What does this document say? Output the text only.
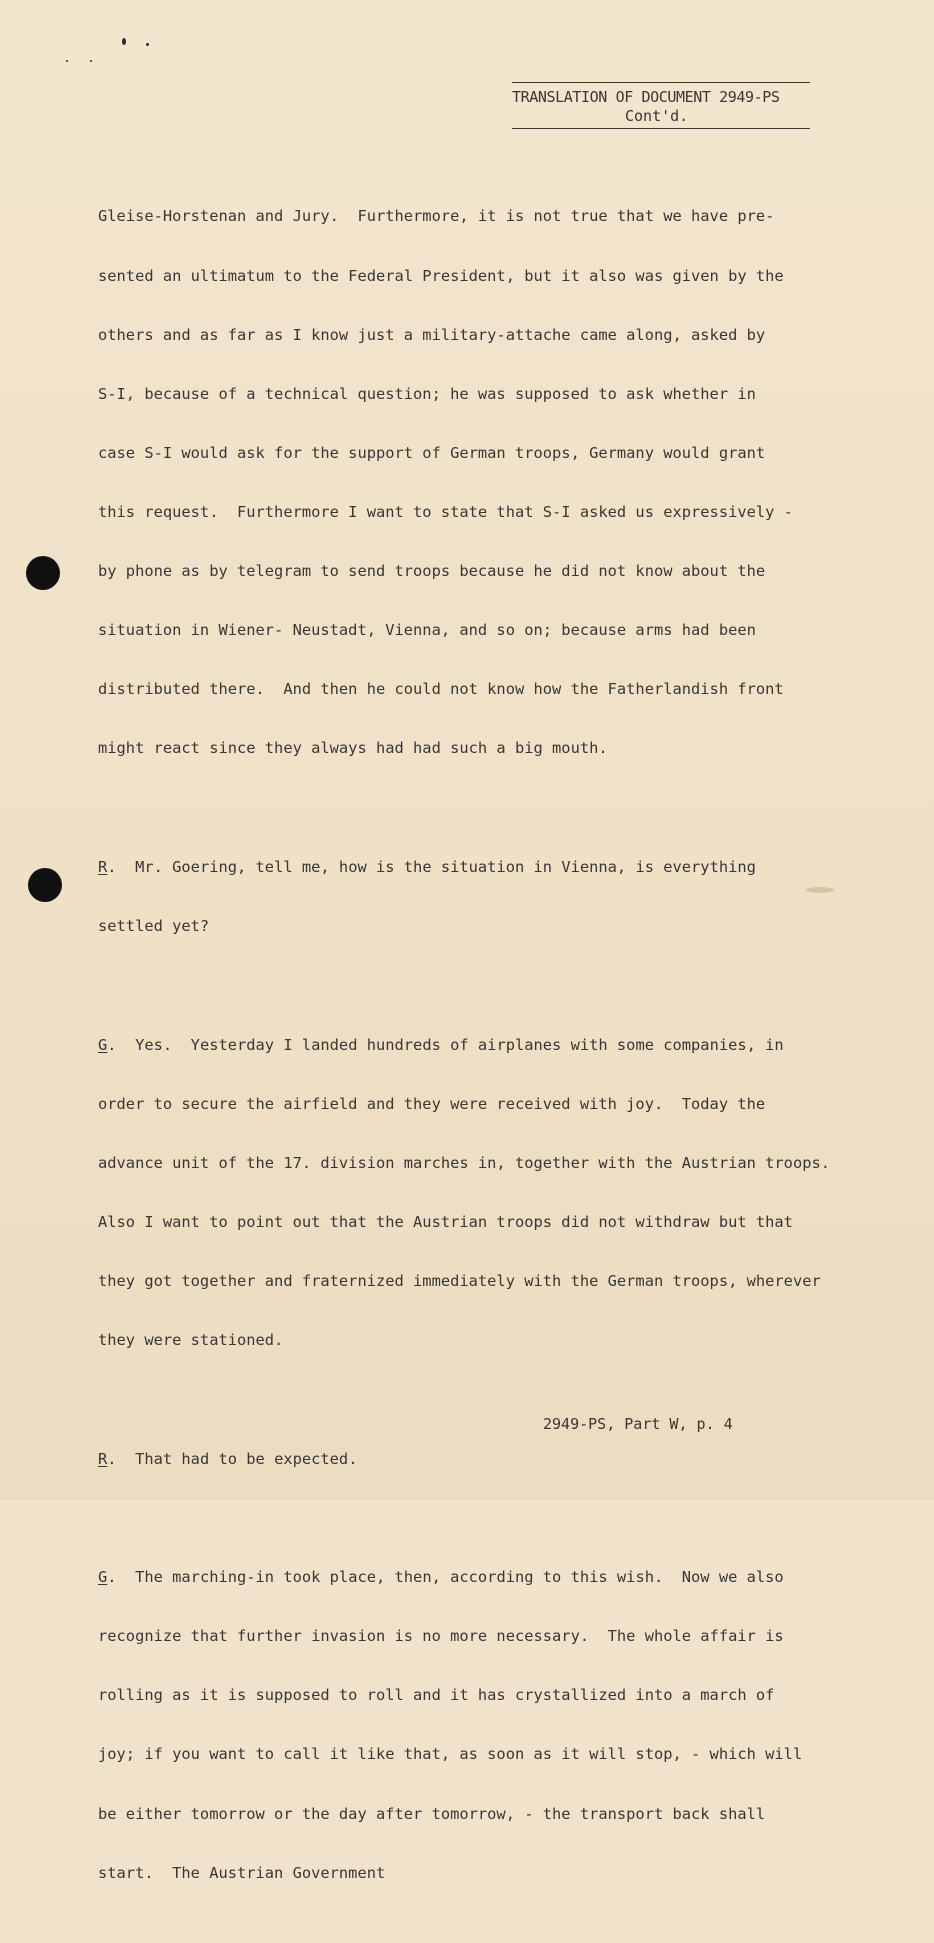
TRANSLATION OF DOCUMENT 2949-PS
Cont'd.

Gleise-Horstenan and Jury.  Furthermore, it is not true that we have pre-

sented an ultimatum to the Federal President, but it also was given by the

others and as far as I know just a military-attache came along, asked by

S-I, because of a technical question; he was supposed to ask whether in

case S-I would ask for the support of German troops, Germany would grant

this request.  Furthermore I want to state that S-I asked us expressively -

by phone as by telegram to send troops because he did not know about the

situation in Wiener- Neustadt, Vienna, and so on; because arms had been

distributed there.  And then he could not know how the Fatherlandish front

might react since they always had had such a big mouth.

R.  Mr. Goering, tell me, how is the situation in Vienna, is everything

settled yet?

G.  Yes.  Yesterday I landed hundreds of airplanes with some companies, in

order to secure the airfield and they were received with joy.  Today the

advance unit of the 17. division marches in, together with the Austrian troops.

Also I want to point out that the Austrian troops did not withdraw but that

they got together and fraternized immediately with the German troops, wherever

they were stationed.

R.  That had to be expected.

G.  The marching-in took place, then, according to this wish.  Now we also

recognize that further invasion is no more necessary.  The whole affair is

rolling as it is supposed to roll and it has crystallized into a march of

joy; if you want to call it like that, as soon as it will stop, - which will

be either tomorrow or the day after tomorrow, - the transport back shall

start.  The Austrian Government

2949-PS, Part W, p. 4
